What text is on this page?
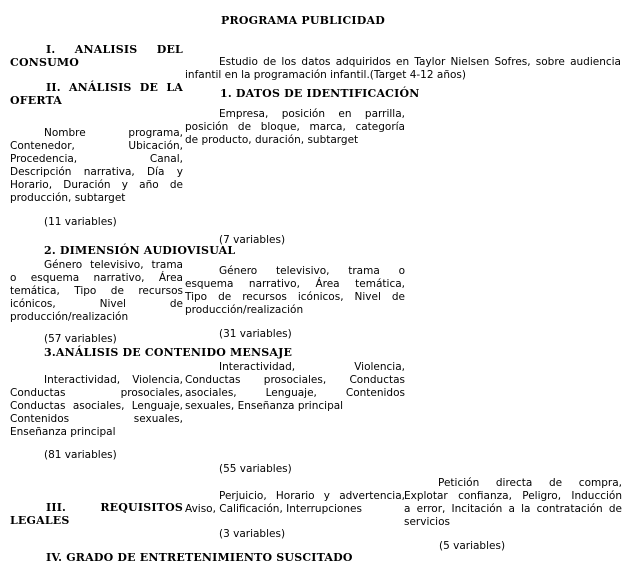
PROGRAMA PUBLICIDAD
I. ANALISIS DEL
CONSUMO	Estudio de los datos adquiridos en Taylor Nielsen Sofres, sobre audiencia infantil en la programación infantil.(Target 4-12 años)
II. ANÁLISIS DE LA
OFERTA
1. DATOS DE IDENTIFICACIÓN
Nombre programa,
Contenedor, Ubicación,
Procedencia, Canal,
Descripción narrativa, Día y
Horario, Duración y año de
producción, subtarget
(11 variables)
Empresa, posición en parrilla,
posición de bloque, marca, categoría
de producto, duración, subtarget
(7 variables)
2. DIMENSIÓN AUDIOVISUAL
Género televisivo, trama
o esquema narrativo, Área
temática, Tipo de recursos
icónicos, Nivel de
producción/realización
(57 variables)
Género televisivo, trama o
esquema narrativo, Área temática,
Tipo de recursos icónicos, Nivel de
producción/realización
(31 variables)
3.ANÁLISIS DE CONTENIDO MENSAJE
Interactividad, Violencia,
Conductas prosociales,
Conductas asociales, Lenguaje,
Contenidos sexuales,
Enseñanza principal
(81 variables)
Interactividad, Violencia,
Conductas prosociales, Conductas
asociales, Lenguaje, Contenidos
sexuales, Enseñanza principal
(55 variables)
III.	REQUISITOS
LEGALES
Perjuicio, Horario y advertencia,
Aviso, Calificación, Interrupciones
(3 variables)
Petición directa de compra,
Explotar confianza, Peligro, Inducción
a error, Incitación a la contratación de
servicios
(5 variables)
IV. GRADO DE ENTRETENIMIENTO SUSCITADO
